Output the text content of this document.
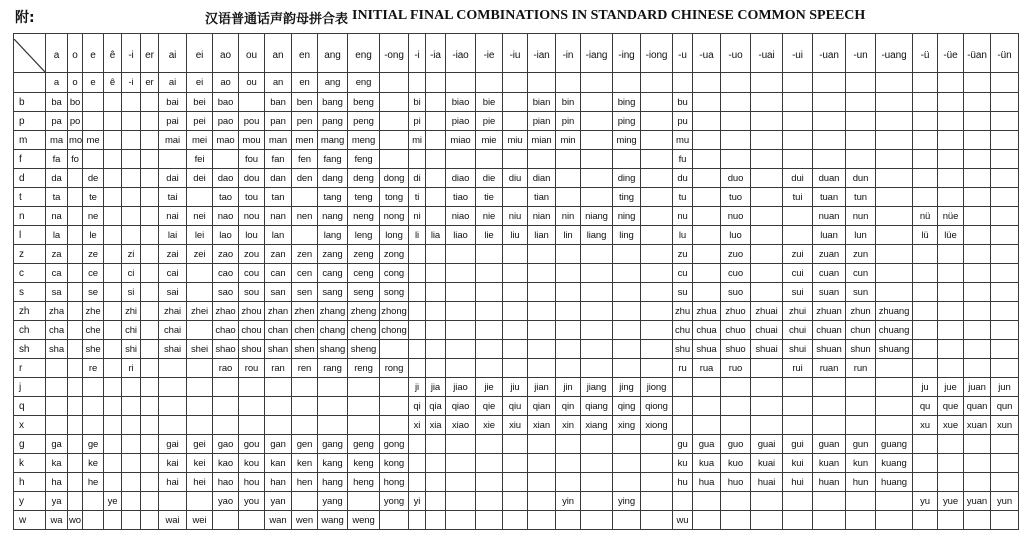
附:	汉语普通话声韵母拼合表 INITIAL FINAL COMBINATIONS IN STANDARD CHINESE COMMON SPEECH
	a	o	e	ê	-i	er	ai	ei	ao	ou	an	en	ang	eng	-ong	-i	-ia	-iao	-ie	-iu	-ian	-in	-iang	-ing	-iong	-u	-ua	-uo	-uai	-ui	-uan	-un	-uang	-ü	-üe	-üan	-ün
	a	o	e	ê	-i	er	ai	ei	ao	ou	an	en	ang	eng																							
b	ba	bo					bai	bei	bao		ban	ben	bang	beng		bi		biao	bie		bian	bin		bing		bu											
p	pa	po					pai	pei	pao	pou	pan	pen	pang	peng		pi		piao	pie		pian	pin		ping		pu											
m	ma	mo	me				mai	mei	mao	mou	man	men	mang	meng		mi		miao	mie	miu	mian	min		ming		mu											
f	fa	fo						fei		fou	fan	fen	fang	feng												fu											
d	da		de				dai	dei	dao	dou	dan	den	dang	deng	dong	di		diao	die	diu	dian			ding		du		duo		dui	duan	dun					
t	ta		te				tai		tao	tou	tan		tang	teng	tong	ti		tiao	tie		tian			ting		tu		tuo		tui	tuan	tun					
n	na		ne				nai	nei	nao	nou	nan	nen	nang	neng	nong	ni		niao	nie	niu	nian	nin	niang	ning		nu		nuo			nuan	nun		nü	nüe		
l	la		le				lai	lei	lao	lou	lan		lang	leng	long	li	lia	liao	lie	liu	lian	lin	liang	ling		lu		luo			luan	lun		lü	lüe		
z	za		ze		zi		zai	zei	zao	zou	zan	zen	zang	zeng	zong											zu		zuo		zui	zuan	zun					
c	ca		ce		ci		cai		cao	cou	can	cen	cang	ceng	cong											cu		cuo		cui	cuan	cun					
s	sa		se		si		sai		sao	sou	san	sen	sang	seng	song											su		suo		sui	suan	sun					
zh	zha		zhe		zhi		zhai	zhei	zhao	zhou	zhan	zhen	zhang	zheng	zhong											zhu	zhua	zhuo	zhuai	zhui	zhuan	zhun	zhuang				
ch	cha		che		chi		chai		chao	chou	chan	chen	chang	cheng	chong											chu	chua	chuo	chuai	chui	chuan	chun	chuang				
sh	sha		she		shi		shai	shei	shao	shou	shan	shen	shang	sheng												shu	shua	shuo	shuai	shui	shuan	shun	shuang				
r			re		ri				rao	rou	ran	ren	rang	reng	rong											ru	rua	ruo		rui	ruan	run					
j																ji	jia	jiao	jie	jiu	jian	jin	jiang	jing	jiong									ju	jue	juan	jun
q																qi	qia	qiao	qie	qiu	qian	qin	qiang	qing	qiong									qu	que	quan	qun
x																xi	xia	xiao	xie	xiu	xian	xin	xiang	xing	xiong									xu	xue	xuan	xun
g	ga		ge				gai	gei	gao	gou	gan	gen	gang	geng	gong											gu	gua	guo	guai	gui	guan	gun	guang				
k	ka		ke				kai	kei	kao	kou	kan	ken	kang	keng	kong											ku	kua	kuo	kuai	kui	kuan	kun	kuang				
h	ha		he				hai	hei	hao	hou	han	hen	hang	heng	hong											hu	hua	huo	huai	hui	huan	hun	huang				
y	ya			ye					yao	you	yan		yang		yong	yi						yin		ying										yu	yue	yuan	yun
w	wa	wo					wai	wei			wan	wen	wang	weng												wu											
